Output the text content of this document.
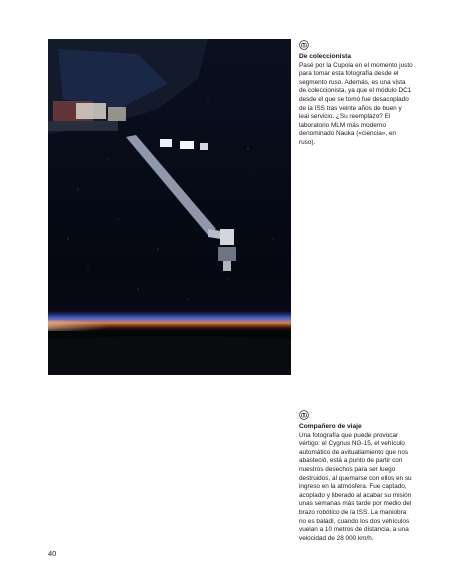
De coleccionista

Pasé por la Cupola en el momento justo para tomar esta fotografía desde el segmento ruso. Además, es una vista de coleccionista, ya que el módulo DC1 desde el que se tomó fue desacoplado de la ISS tras veinte años de buen y leal servicio. ¿Su reemplazo? El laboratorio MLM más moderno denominado Nauka («ciencia», en ruso).

Compañero de viaje

Una fotografía que puede provocar vértigo: el Cygnus NG-15, el vehículo automático de avituallamiento que nos abasteció, está a punto de partir con nuestros desechos para ser luego destruidos, al quemarse con ellos en su ingreso en la atmósfera. Fue captado, acoplado y liberado al acabar su misión unas semanas más tarde por medio del brazo robótico de la ISS. La maniobra no es baladí, cuando los dos vehículos vuelan a 10 metros de distancia, a una velocidad de 28 000 km/h.

40
